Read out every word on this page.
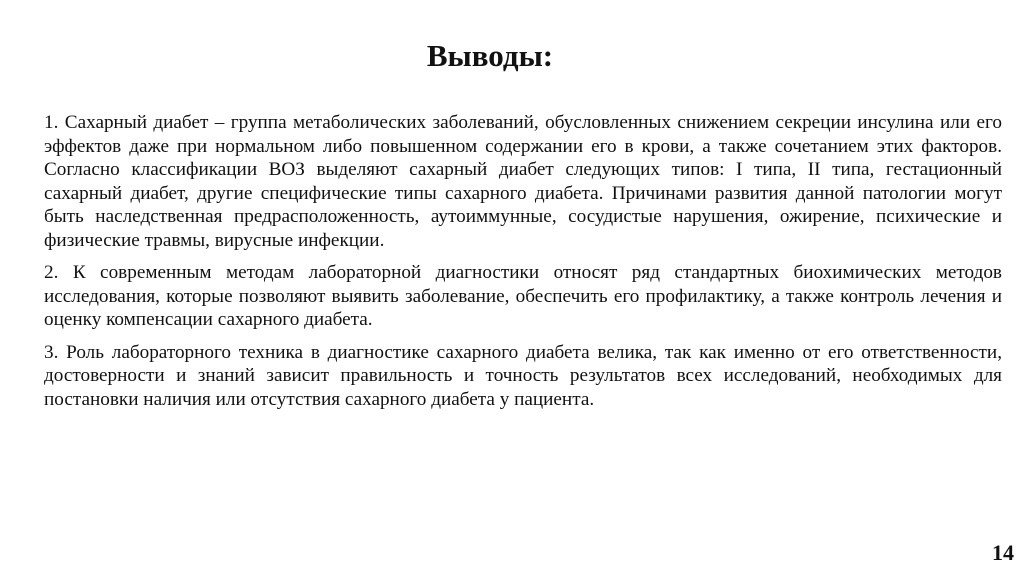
Выводы:

1. Сахарный диабет – группа метаболических заболеваний, обусловленных снижением секреции инсулина или его эффектов даже при нормальном либо повышенном содержании его в крови, а также сочетанием этих факторов. Согласно классификации ВОЗ выделяют сахарный диабет следующих типов: I типа, II типа, гестационный сахарный диабет, другие специфические типы сахарного диабета. Причинами развития данной патологии могут быть наследственная предрасположенность, аутоиммунные, сосудистые нарушения, ожирение, психические и физические травмы, вирусные инфекции.

2. К современным методам лабораторной диагностики относят ряд стандартных биохимических методов исследования, которые позволяют выявить заболевание, обеспечить его профилактику, а также контроль лечения и оценку компенсации сахарного диабета.

3. Роль лабораторного техника в диагностике сахарного диабета велика, так как именно от его ответственности, достоверности и знаний зависит правильность и точность результатов всех исследований, необходимых для постановки наличия или отсутствия сахарного диабета у пациента.

14
